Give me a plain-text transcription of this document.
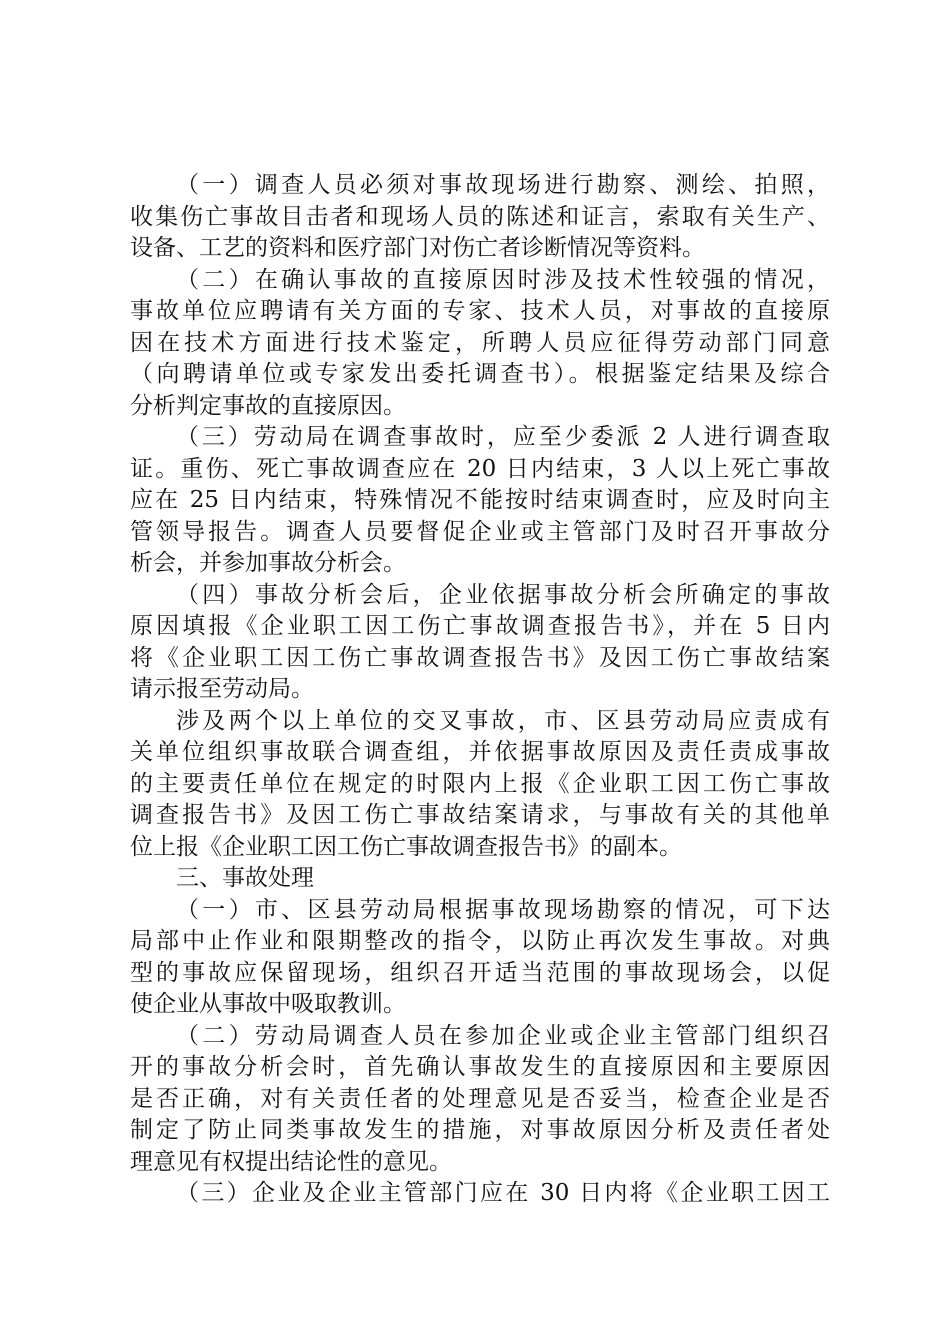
（一）调查人员必须对事故现场进行勘察、测绘、拍照，
收集伤亡事故目击者和现场人员的陈述和证言，索取有关生产、
设备、工艺的资料和医疗部门对伤亡者诊断情况等资料。
（二）在确认事故的直接原因时涉及技术性较强的情况，
事故单位应聘请有关方面的专家、技术人员，对事故的直接原
因在技术方面进行技术鉴定，所聘人员应征得劳动部门同意
（向聘请单位或专家发出委托调查书）。根据鉴定结果及综合
分析判定事故的直接原因。
（三）劳动局在调查事故时，应至少委派 2 人进行调查取
证。重伤、死亡事故调查应在 20 日内结束，3 人以上死亡事故
应在 25 日内结束，特殊情况不能按时结束调查时，应及时向主
管领导报告。调查人员要督促企业或主管部门及时召开事故分
析会，并参加事故分析会。
（四）事故分析会后，企业依据事故分析会所确定的事故
原因填报《企业职工因工伤亡事故调查报告书》，并在 5 日内
将《企业职工因工伤亡事故调查报告书》及因工伤亡事故结案
请示报至劳动局。
涉及两个以上单位的交叉事故，市、区县劳动局应责成有
关单位组织事故联合调查组，并依据事故原因及责任责成事故
的主要责任单位在规定的时限内上报《企业职工因工伤亡事故
调查报告书》及因工伤亡事故结案请求，与事故有关的其他单
位上报《企业职工因工伤亡事故调查报告书》的副本。
三、事故处理
（一）市、区县劳动局根据事故现场勘察的情况，可下达
局部中止作业和限期整改的指令，以防止再次发生事故。对典
型的事故应保留现场，组织召开适当范围的事故现场会，以促
使企业从事故中吸取教训。
（二）劳动局调查人员在参加企业或企业主管部门组织召
开的事故分析会时，首先确认事故发生的直接原因和主要原因
是否正确，对有关责任者的处理意见是否妥当，检查企业是否
制定了防止同类事故发生的措施，对事故原因分析及责任者处
理意见有权提出结论性的意见。
（三）企业及企业主管部门应在 30 日内将《企业职工因工
